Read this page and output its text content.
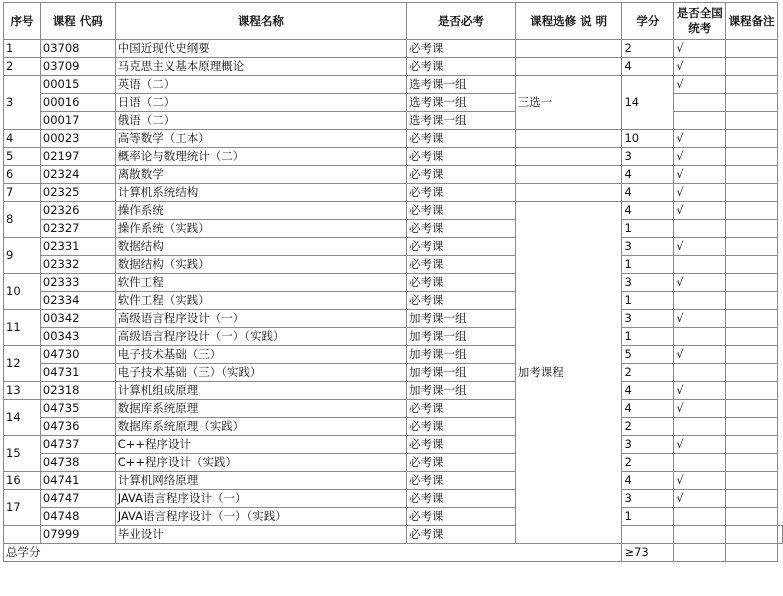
序号	课程 代码	课程名称	是否必考	课程选修 说 明	学分	是否全国统考	课程备注	
1	03708	中国近现代史纲要	必考课		2	√		
2	03709	马克思主义基本原理概论	必考课		4	√		
3	00015	英语（二）	选考课一组	三选一	14	√		
	00016	日语（二）	选考课一组					
	00017	俄语（二）	选考课一组					
4	00023	高等数学（工本）	必考课		10	√		
5	02197	概率论与数理统计（二）	必考课		3	√		
6	02324	离散数学	必考课		4	√		
7	02325	计算机系统结构	必考课		4	√		
8	02326	操作系统	必考课	加考课程	4	√		
	02327	操作系统（实践）	必考课		1			
9	02331	数据结构	必考课		3	√		
	02332	数据结构（实践）	必考课		1			
10	02333	软件工程	必考课		3	√		
	02334	软件工程（实践）	必考课		1			
11	00342	高级语言程序设计（一）	加考课一组		3	√		
	00343	高级语言程序设计（一）（实践）	加考课一组		1			
12	04730	电子技术基础（三）	加考课一组		5	√		
	04731	电子技术基础（三）（实践）	加考课一组		2			
13	02318	计算机组成原理	加考课一组		4	√		
14	04735	数据库系统原理	必考课		4	√		
	04736	数据库系统原理（实践）	必考课		2			
15	04737	C++程序设计	必考课		3	√		
	04738	C++程序设计（实践）	必考课		2			
16	04741	计算机网络原理	必考课		4	√		
17	04747	JAVA语言程序设计（一）	必考课		3	√		
	04748	JAVA语言程序设计（一）（实践）	必考课		1			
	07999	毕业设计	必考课					
总学分					≥73			
